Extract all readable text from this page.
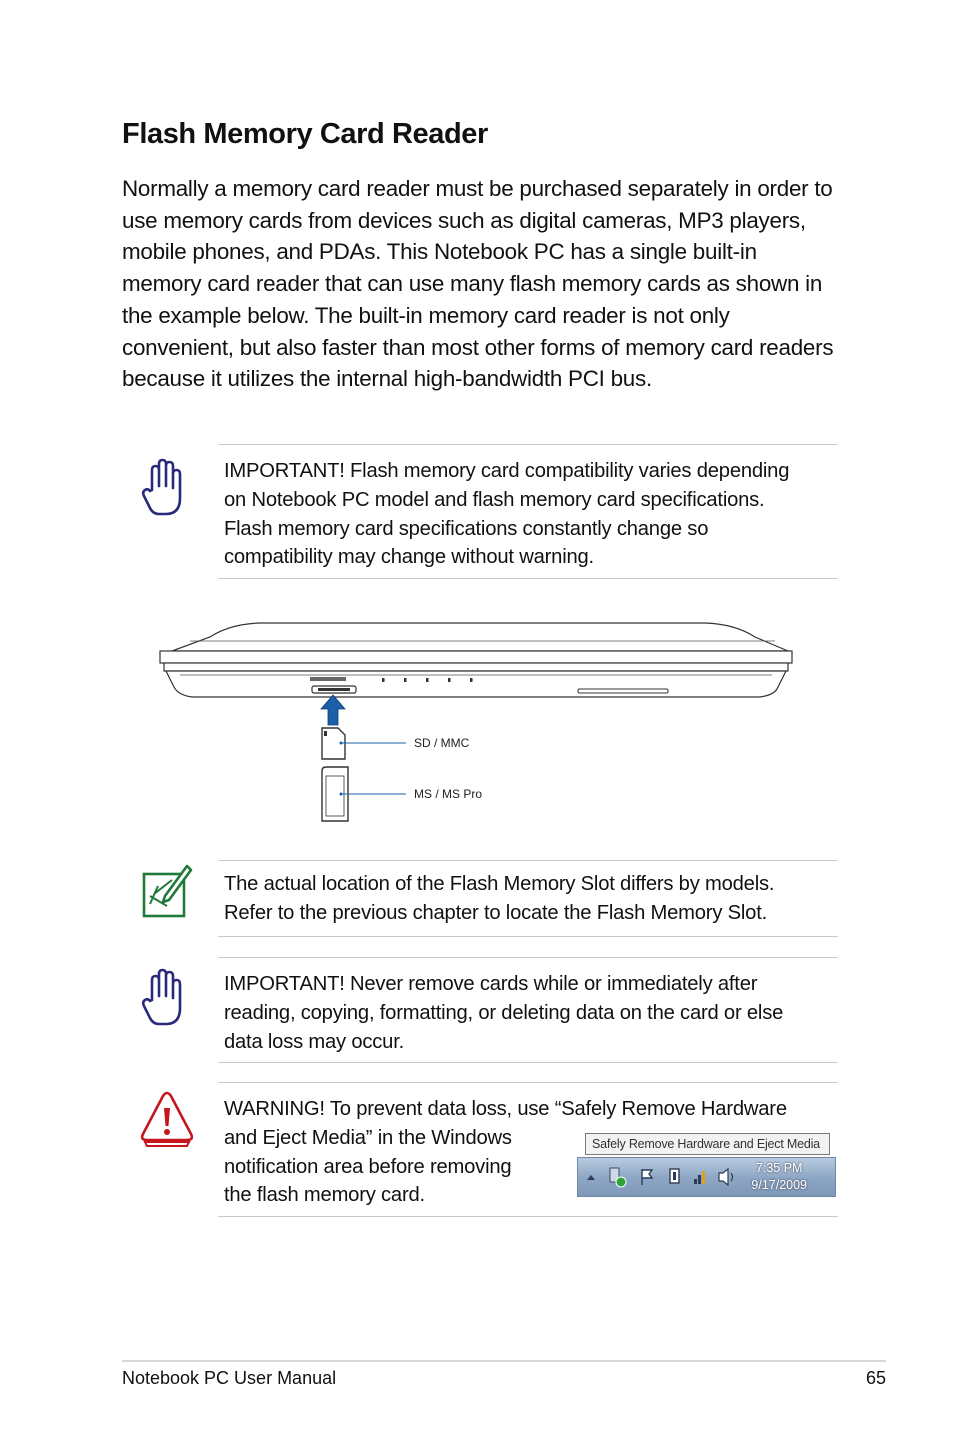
Flash Memory Card Reader

Normally a memory card reader must be purchased separately in order to use memory cards from devices such as digital cameras, MP3 players, mobile phones, and PDAs. This Notebook PC has a single built-in memory card reader that can use many flash memory cards as shown in the example below. The built-in memory card reader is not only convenient, but also faster than most other forms of memory card readers because it utilizes the internal high-bandwidth PCI bus.

IMPORTANT! Flash memory card compatibility varies depending
on Notebook PC model and flash memory card specifications.
Flash memory card specifications constantly change so
compatibility may change without warning.
SD / MMC
MS / MS Pro
The actual location of the Flash Memory Slot differs by models.
Refer to the previous chapter to locate the Flash Memory Slot.
IMPORTANT! Never remove cards while or immediately after
reading, copying, formatting, or deleting data on the card or else
data loss may occur.
WARNING! To prevent data loss, use “Safely Remove Hardware
and Eject Media” in the Windows
notification area before removing
the flash memory card.
Safely Remove Hardware and Eject Media
7:35 PM
9/17/2009
Notebook PC User Manual	65
